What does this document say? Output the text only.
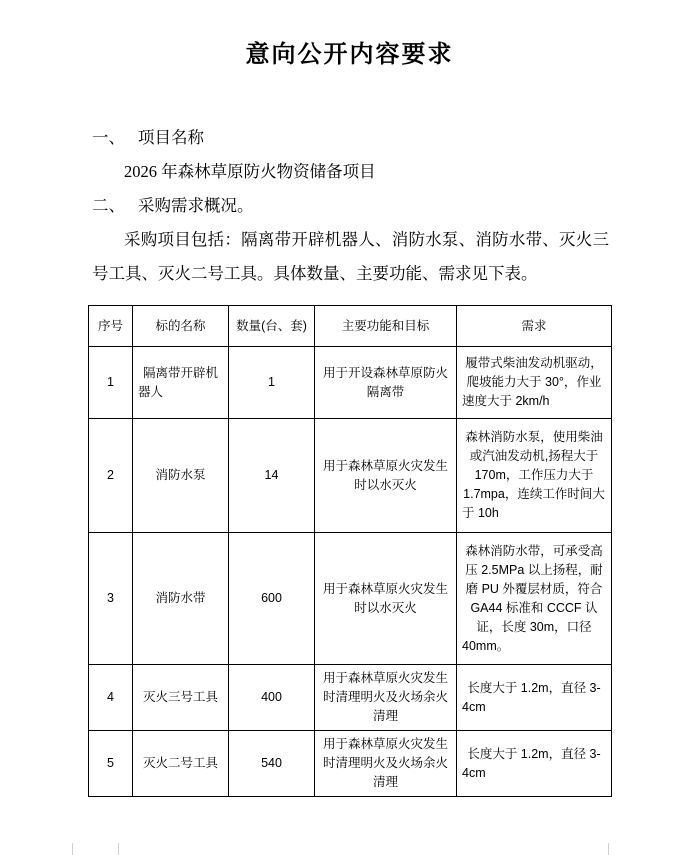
意向公开内容要求
一、 项目名称
2026 年森林草原防火物资储备项目
二、 采购需求概况。
采购项目包括：隔离带开辟机器人、消防水泵、消防水带、灭火三号工具、灭火二号工具。具体数量、主要功能、需求见下表。
序号	标的名称	数量(台、套)	主要功能和目标	需求
1	隔离带开辟机器人	1	用于开设森林草原防火隔离带	履带式柴油发动机驱动，爬坡能力大于 30°，作业速度大于 2km/h
2	消防水泵	14	用于森林草原火灾发生时以水灭火	森林消防水泵，使用柴油或汽油发动机,扬程大于 170m，工作压力大于 1.7mpa，连续工作时间大于 10h
3	消防水带	600	用于森林草原火灾发生时以水灭火	森林消防水带，可承受高压 2.5MPa 以上扬程，耐磨 PU 外覆层材质，符合 GA44 标准和 CCCF 认证，长度 30m，口径 40mm。
4	灭火三号工具	400	用于森林草原火灾发生时清理明火及火场余火清理	长度大于 1.2m，直径 3-4cm
5	灭火二号工具	540	用于森林草原火灾发生时清理明火及火场余火清理	长度大于 1.2m，直径 3-4cm
